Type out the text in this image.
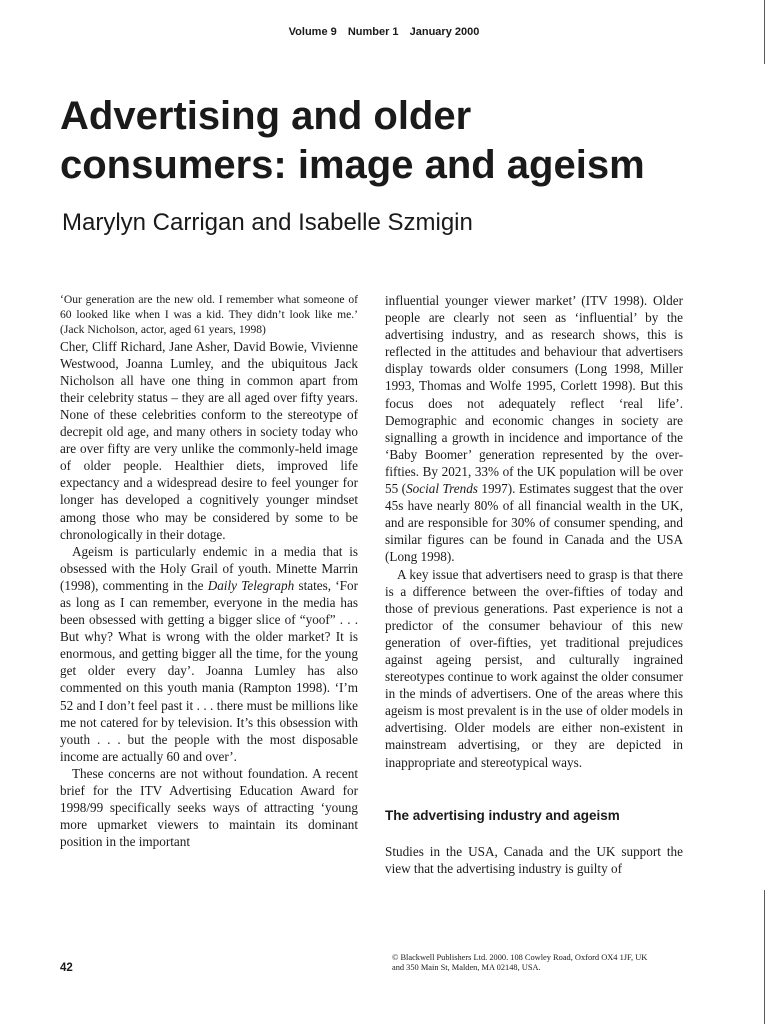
Volume 9 Number 1 January 2000
Advertising and older
consumers: image and ageism

Marylyn Carrigan and Isabelle Szmigin

‘Our generation are the new old. I remember what someone of 60 looked like when I was a kid. They didn’t look like me.’ (Jack Nicholson, actor, aged 61 years, 1998)

Cher, Cliff Richard, Jane Asher, David Bowie, Vivienne Westwood, Joanna Lumley, and the ubiquitous Jack Nicholson all have one thing in common apart from their celebrity status – they are all aged over fifty years. None of these celebrities conform to the stereotype of decrepit old age, and many others in society today who are over fifty are very unlike the commonly-held image of older people. Healthier diets, improved life expectancy and a widespread desire to feel younger for longer has developed a cognitively younger mindset among those who may be considered by some to be chronologically in their dotage.

Ageism is particularly endemic in a media that is obsessed with the Holy Grail of youth. Minette Marrin (1998), commenting in the Daily Telegraph states, ‘For as long as I can remember, everyone in the media has been obsessed with getting a bigger slice of “yoof” . . . But why? What is wrong with the older market? It is enormous, and getting bigger all the time, for the young get older every day’. Joanna Lumley has also commented on this youth mania (Rampton 1998). ‘I’m 52 and I don’t feel past it . . . there must be millions like me not catered for by television. It’s this obsession with youth . . . but the people with the most disposable income are actually 60 and over’.

These concerns are not without foundation. A recent brief for the ITV Advertising Education Award for 1998/99 specifically seeks ways of attracting ‘young more upmarket viewers to maintain its dominant position in the important

influential younger viewer market’ (ITV 1998). Older people are clearly not seen as ‘influential’ by the advertising industry, and as research shows, this is reflected in the attitudes and behaviour that advertisers display towards older consumers (Long 1998, Miller 1993, Thomas and Wolfe 1995, Corlett 1998). But this focus does not adequately reflect ‘real life’. Demographic and economic changes in society are signalling a growth in incidence and importance of the ‘Baby Boomer’ generation represented by the over-fifties. By 2021, 33% of the UK population will be over 55 (Social Trends 1997). Estimates suggest that the over 45s have nearly 80% of all financial wealth in the UK, and are responsible for 30% of consumer spending, and similar figures can be found in Canada and the USA (Long 1998).

A key issue that advertisers need to grasp is that there is a difference between the over-fifties of today and those of previous generations. Past experience is not a predictor of the consumer behaviour of this new generation of over-fifties, yet traditional prejudices against ageing persist, and culturally ingrained stereotypes continue to work against the older consumer in the minds of advertisers. One of the areas where this ageism is most prevalent is in the use of older models in advertising. Older models are either non-existent in mainstream advertising, or they are depicted in inappropriate and stereotypical ways.

The advertising industry and ageism

Studies in the USA, Canada and the UK support the view that the advertising industry is guilty of

42
© Blackwell Publishers Ltd. 2000. 108 Cowley Road, Oxford OX4 1JF, UK
and 350 Main St, Malden, MA 02148, USA.
